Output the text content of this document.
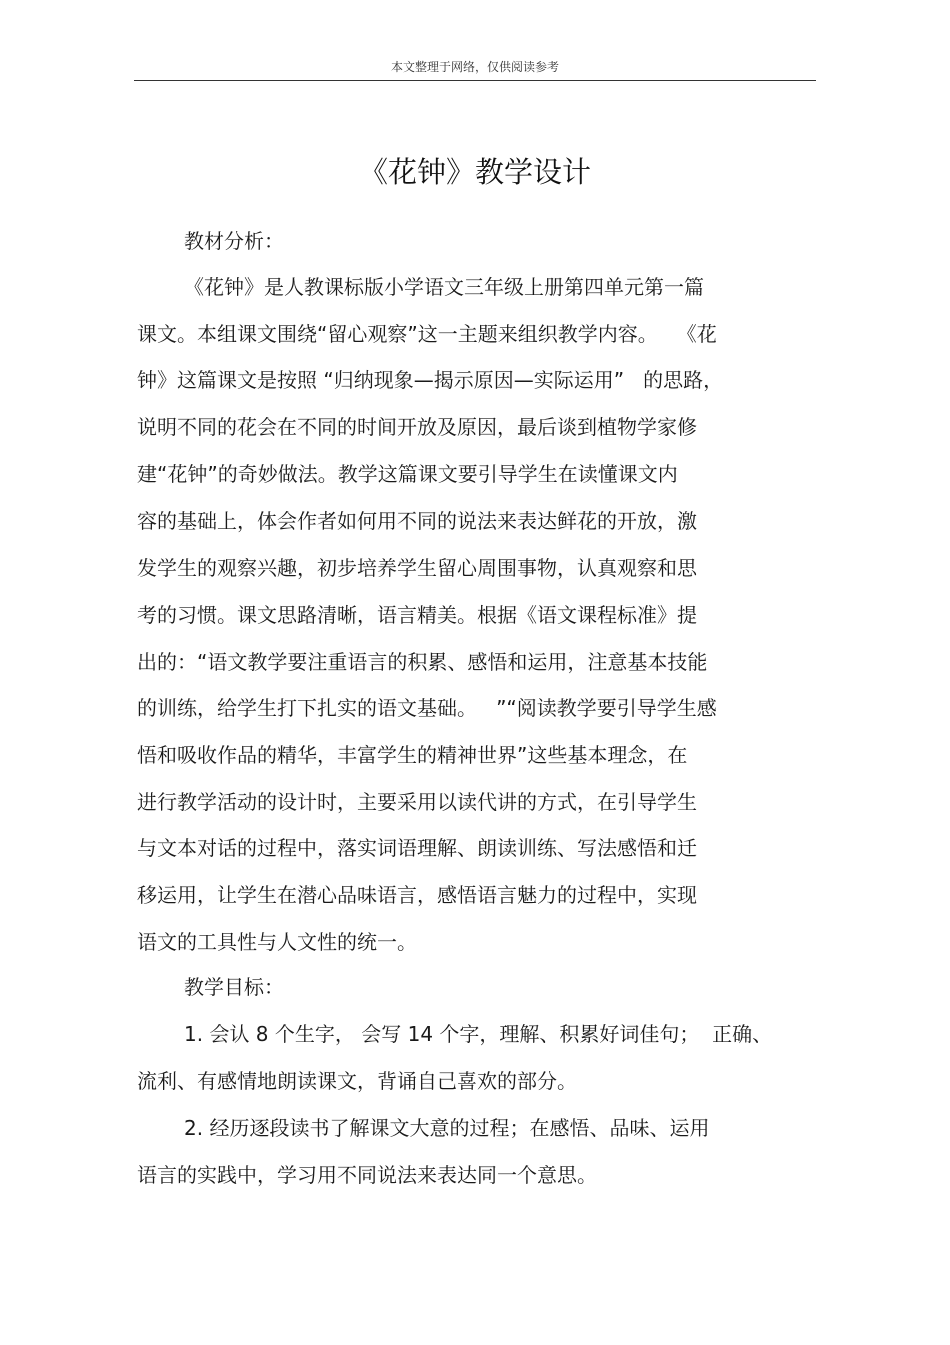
本文整理于网络，仅供阅读参考
《花钟》教学设计
教材分析：
《花钟》是人教课标版小学语文三年级上册第四单元第一篇
课文。本组课文围绕“留心观察”这一主题来组织教学内容。   《花
钟》这篇课文是按照 “归纳现象—揭示原因—实际运用”   的思路，
说明不同的花会在不同的时间开放及原因，最后谈到植物学家修
建“花钟”的奇妙做法。教学这篇课文要引导学生在读懂课文内
容的基础上，体会作者如何用不同的说法来表达鲜花的开放，激
发学生的观察兴趣，初步培养学生留心周围事物，认真观察和思
考的习惯。课文思路清晰，语言精美。根据《语文课程标准》提
出的：“语文教学要注重语言的积累、感悟和运用，注意基本技能
的训练，给学生打下扎实的语文基础。   ”“阅读教学要引导学生感
悟和吸收作品的精华，丰富学生的精神世界”这些基本理念，在
进行教学活动的设计时，主要采用以读代讲的方式，在引导学生
与文本对话的过程中，落实词语理解、朗读训练、写法感悟和迁
移运用，让学生在潜心品味语言，感悟语言魅力的过程中，实现
语文的工具性与人文性的统一。
教学目标：
1. 会认 8 个生字， 会写 14 个字，理解、积累好词佳句；  正确、
流利、有感情地朗读课文，背诵自己喜欢的部分。
2. 经历逐段读书了解课文大意的过程；在感悟、品味、运用
语言的实践中，学习用不同说法来表达同一个意思。
